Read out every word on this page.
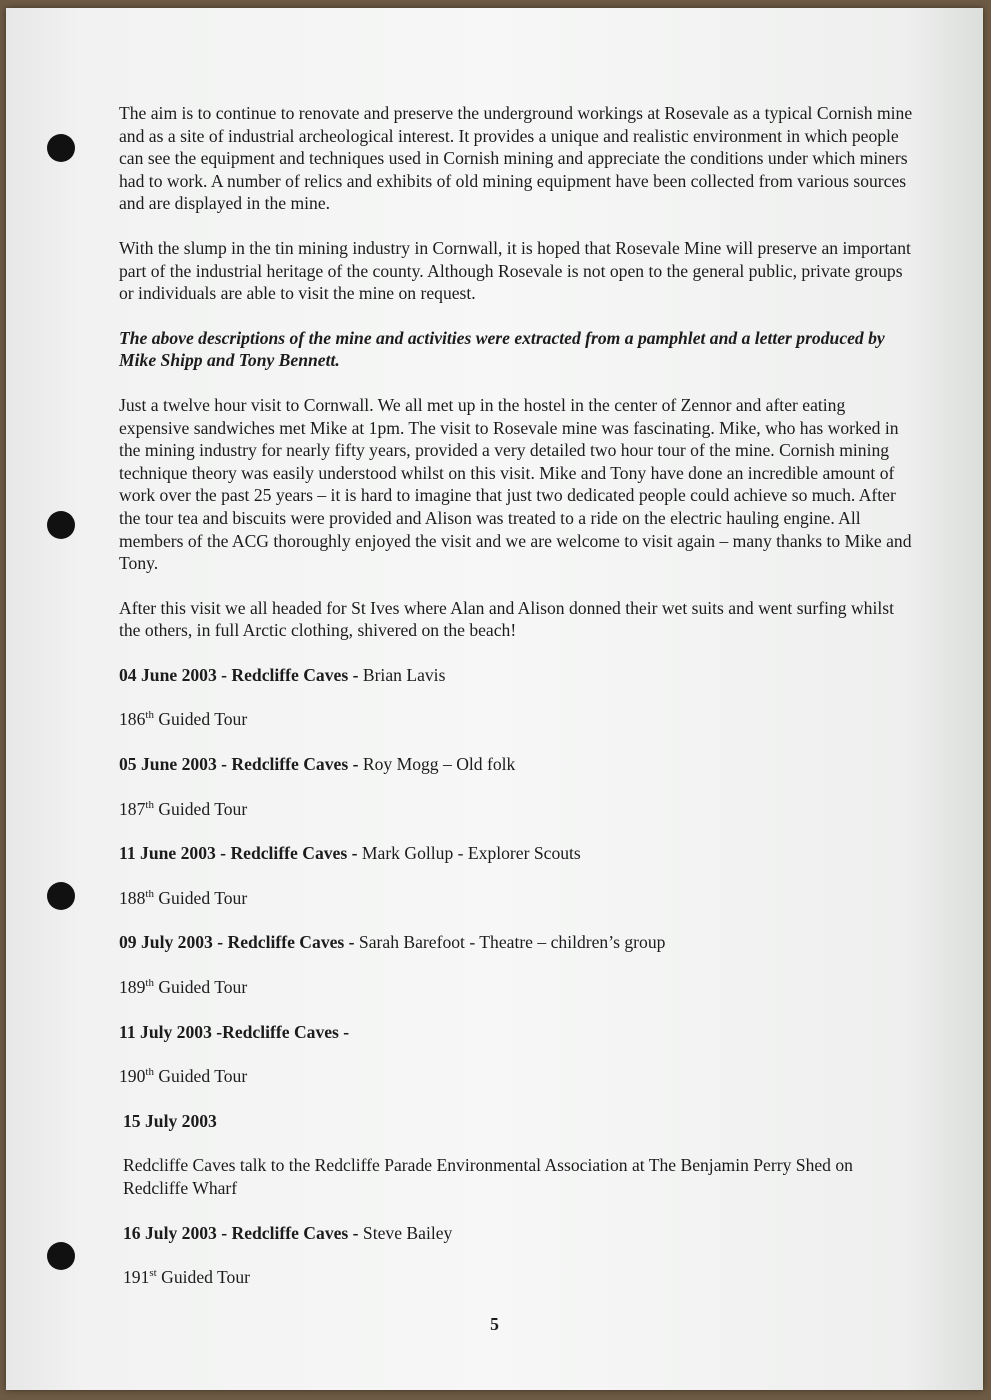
The aim is to continue to renovate and preserve the underground workings at Rosevale as a typical Cornish mine and as a site of industrial archeological interest. It provides a unique and realistic environment in which people can see the equipment and techniques used in Cornish mining and appreciate the conditions under which miners had to work. A number of relics and exhibits of old mining equipment have been collected from various sources and are displayed in the mine.

With the slump in the tin mining industry in Cornwall, it is hoped that Rosevale Mine will preserve an important part of the industrial heritage of the county. Although Rosevale is not open to the general public, private groups or individuals are able to visit the mine on request.

The above descriptions of the mine and activities were extracted from a pamphlet and a letter produced by Mike Shipp and Tony Bennett.

Just a twelve hour visit to Cornwall. We all met up in the hostel in the center of Zennor and after eating expensive sandwiches met Mike at 1pm. The visit to Rosevale mine was fascinating. Mike, who has worked in the mining industry for nearly fifty years, provided a very detailed two hour tour of the mine. Cornish mining technique theory was easily understood whilst on this visit. Mike and Tony have done an incredible amount of work over the past 25 years – it is hard to imagine that just two dedicated people could achieve so much. After the tour tea and biscuits were provided and Alison was treated to a ride on the electric hauling engine. All members of the ACG thoroughly enjoyed the visit and we are welcome to visit again – many thanks to Mike and Tony.

After this visit we all headed for St Ives where Alan and Alison donned their wet suits and went surfing whilst the others, in full Arctic clothing, shivered on the beach!

04 June 2003 - Redcliffe Caves - Brian Lavis

186th Guided Tour

05 June 2003 - Redcliffe Caves - Roy Mogg – Old folk

187th Guided Tour

11 June 2003 - Redcliffe Caves - Mark Gollup - Explorer Scouts

188th Guided Tour

09 July 2003 - Redcliffe Caves - Sarah Barefoot - Theatre – children’s group

189th Guided Tour

11 July 2003 -Redcliffe Caves -

190th Guided Tour

15 July 2003

Redcliffe Caves talk to the Redcliffe Parade Environmental Association at The Benjamin Perry Shed on Redcliffe Wharf

16 July 2003 - Redcliffe Caves - Steve Bailey

191st Guided Tour

5
